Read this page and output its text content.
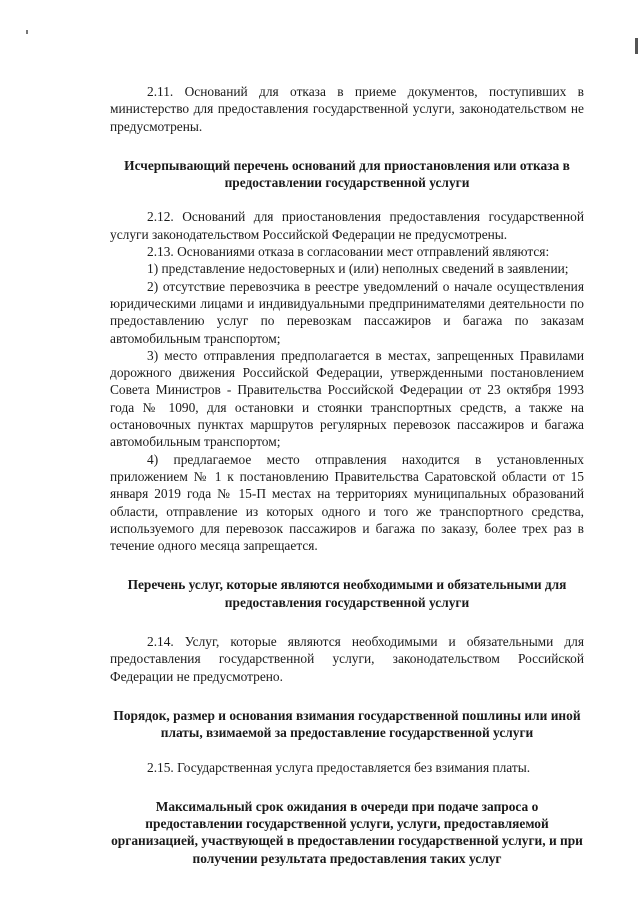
2.11. Оснований для отказа в приеме документов, поступивших в министерство для предоставления государственной услуги, законодательством не предусмотрены.

Исчерпывающий перечень оснований для приостановления или отказа в предоставлении государственной услуги

2.12. Оснований для приостановления предоставления государственной услуги законодательством Российской Федерации не предусмотрены.

2.13. Основаниями отказа в согласовании мест отправлений являются:

1) представление недостоверных и (или) неполных сведений в заявлении;

2) отсутствие перевозчика в реестре уведомлений о начале осуществления юридическими лицами и индивидуальными предпринимателями деятельности по предоставлению услуг по перевозкам пассажиров и багажа по заказам автомобильным транспортом;

3) место отправления предполагается в местах, запрещенных Правилами дорожного движения Российской Федерации, утвержденными постановлением Совета Министров - Правительства Российской Федерации от 23 октября 1993 года № 1090, для остановки и стоянки транспортных средств, а также на остановочных пунктах маршрутов регулярных перевозок пассажиров и багажа автомобильным транспортом;

4) предлагаемое место отправления находится в установленных приложением № 1 к постановлению Правительства Саратовской области от 15 января 2019 года № 15-П местах на территориях муниципальных образований области, отправление из которых одного и того же транспортного средства, используемого для перевозок пассажиров и багажа по заказу, более трех раз в течение одного месяца запрещается.

Перечень услуг, которые являются необходимыми и обязательными для предоставления государственной услуги

2.14. Услуг, которые являются необходимыми и обязательными для предоставления государственной услуги, законодательством Российской Федерации не предусмотрено.

Порядок, размер и основания взимания государственной пошлины или иной платы, взимаемой за предоставление государственной услуги

2.15. Государственная услуга предоставляется без взимания платы.

Максимальный срок ожидания в очереди при подаче запроса о предоставлении государственной услуги, услуги, предоставляемой организацией, участвующей в предоставлении государственной услуги, и при получении результата предоставления таких услуг
